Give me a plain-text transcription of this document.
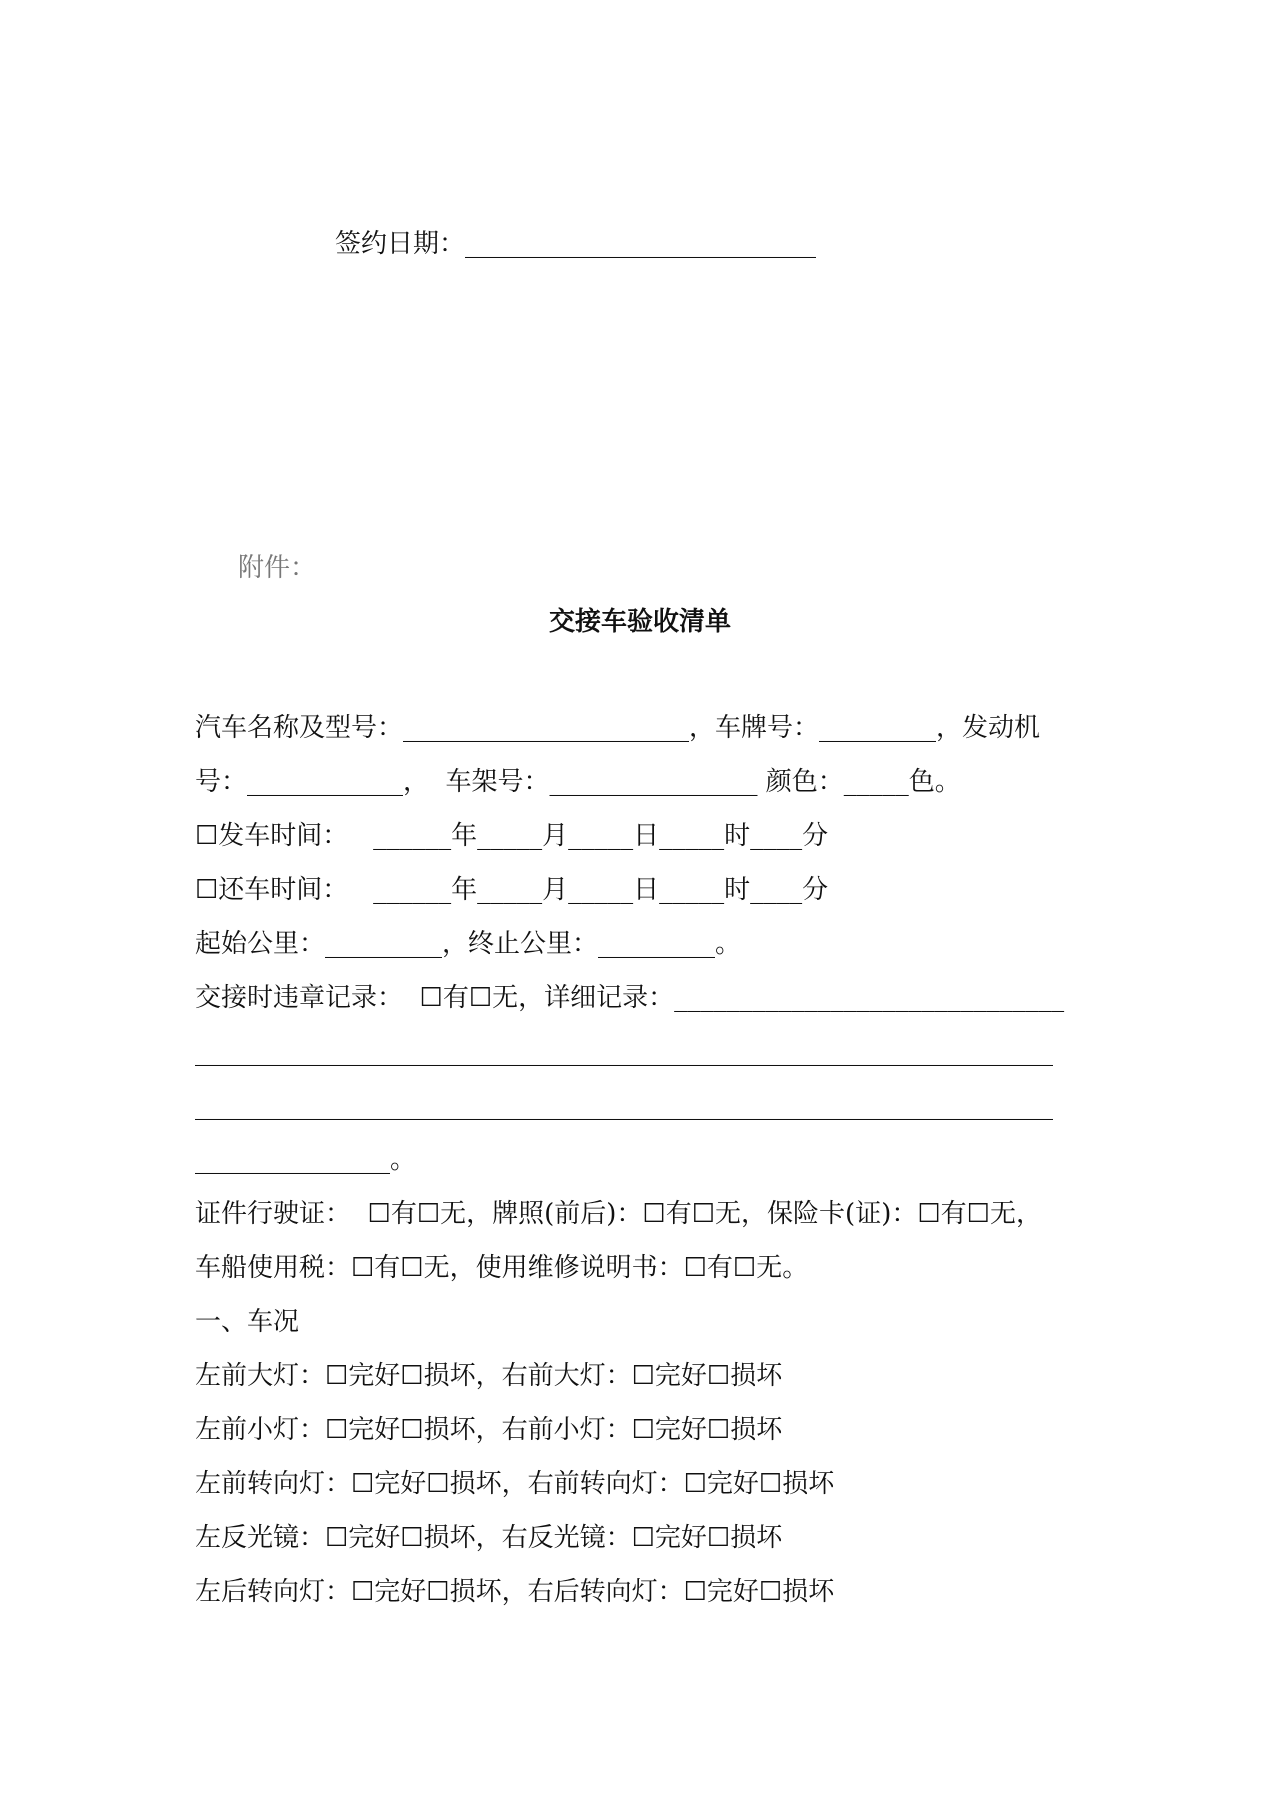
签约日期：___________________________
附件：
交接车验收清单
汽车名称及型号：______________________，车牌号：_________，发动机
号：____________，  车架号：________________ 颜色：_____色。
☐发车时间：   ______年_____月_____日_____时____分
☐还车时间：   ______年_____月_____日_____时____分
起始公里：_________，终止公里：_________。
交接时违章记录：  ☐有☐无，详细记录：______________________________
__________________________________________________________________
__________________________________________________________________
_______________。
证件行驶证：  ☐有☐无，牌照(前后)：☐有☐无，保险卡(证)：☐有☐无，
车船使用税：☐有☐无，使用维修说明书：☐有☐无。
一、车况
左前大灯：☐完好☐损坏，右前大灯：☐完好☐损坏
左前小灯：☐完好☐损坏，右前小灯：☐完好☐损坏
左前转向灯：☐完好☐损坏，右前转向灯：☐完好☐损坏
左反光镜：☐完好☐损坏，右反光镜：☐完好☐损坏
左后转向灯：☐完好☐损坏，右后转向灯：☐完好☐损坏
